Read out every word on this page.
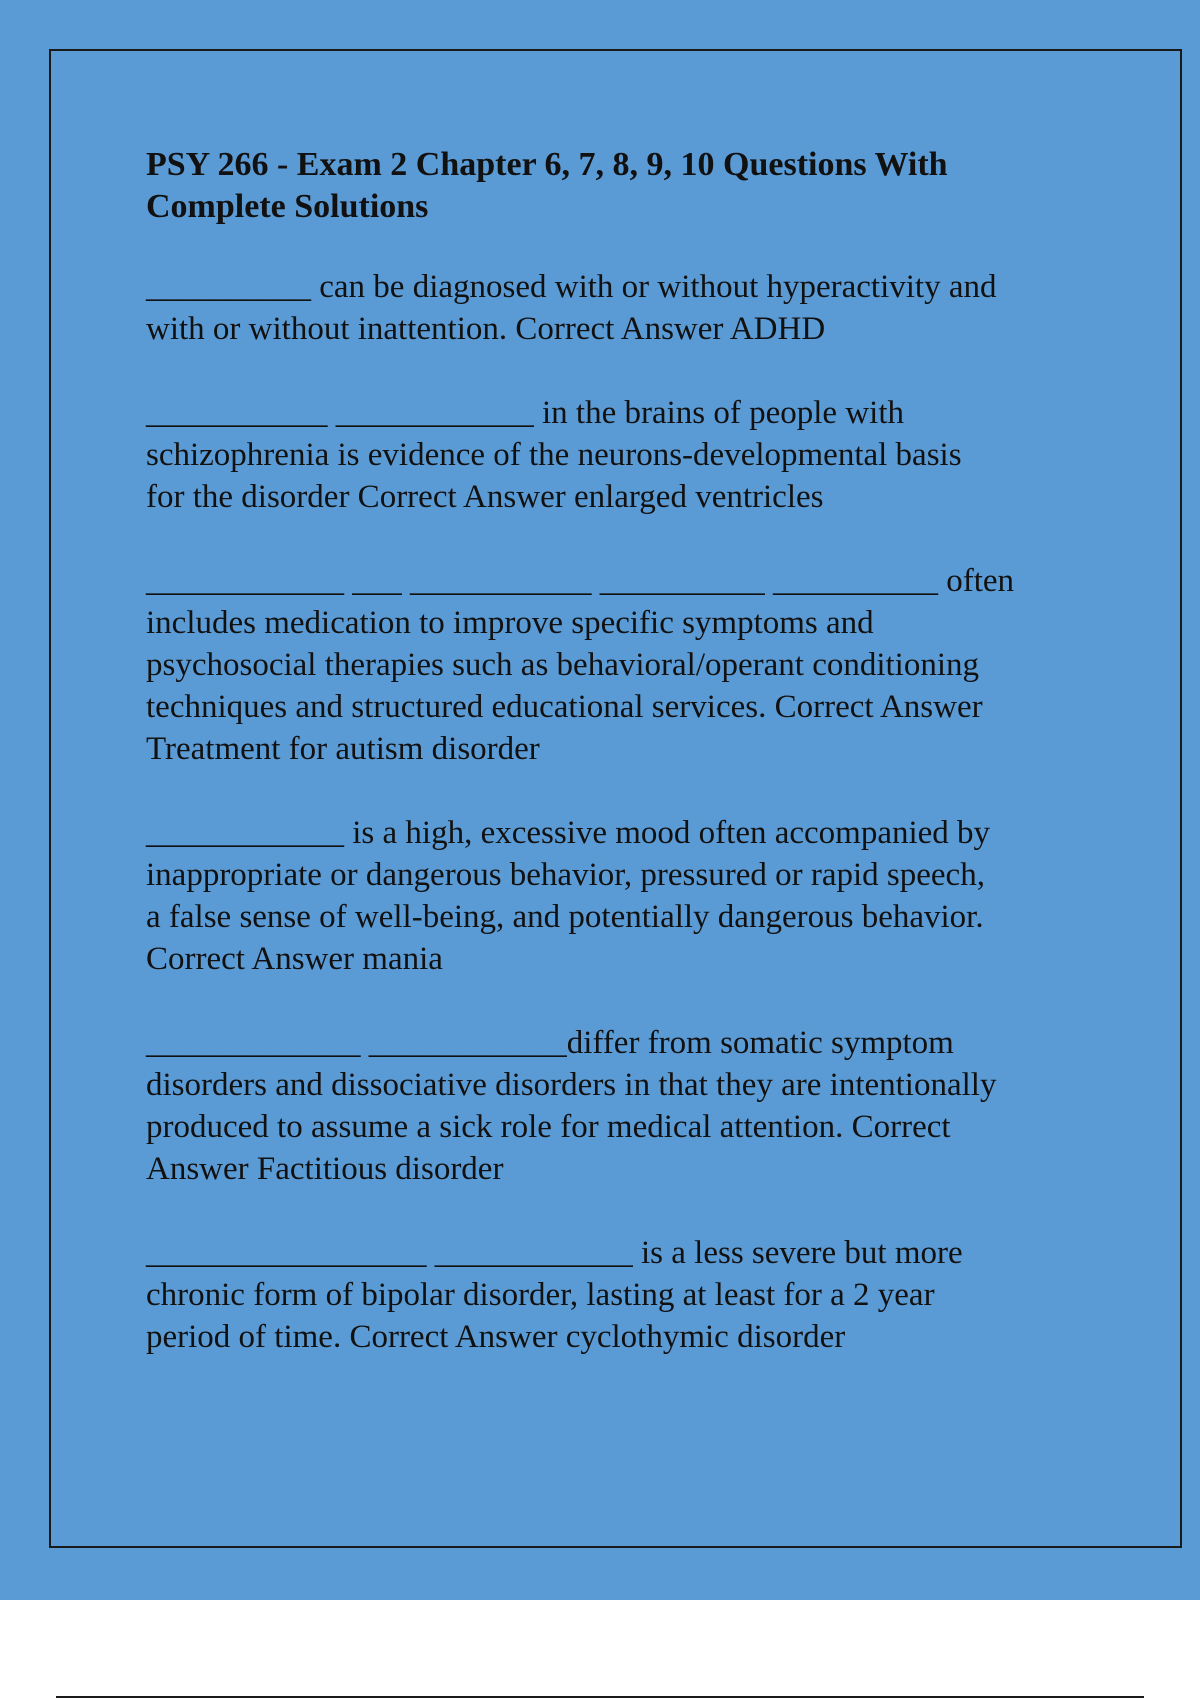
PSY 266 - Exam 2 Chapter 6, 7, 8, 9, 10 Questions With
Complete Solutions

__________ can be diagnosed with or without hyperactivity and
with or without inattention. Correct Answer ADHD

___________ ____________ in the brains of people with
schizophrenia is evidence of the neurons-developmental basis
for the disorder Correct Answer enlarged ventricles

____________ ___ ___________ __________ __________ often
includes medication to improve specific symptoms and
psychosocial therapies such as behavioral/operant conditioning
techniques and structured educational services. Correct Answer
Treatment for autism disorder

____________ is a high, excessive mood often accompanied by
inappropriate or dangerous behavior, pressured or rapid speech,
a false sense of well-being, and potentially dangerous behavior.
Correct Answer mania

_____________ ____________differ from somatic symptom
disorders and dissociative disorders in that they are intentionally
produced to assume a sick role for medical attention. Correct
Answer Factitious disorder

_________________ ____________ is a less severe but more
chronic form of bipolar disorder, lasting at least for a 2 year
period of time. Correct Answer cyclothymic disorder
